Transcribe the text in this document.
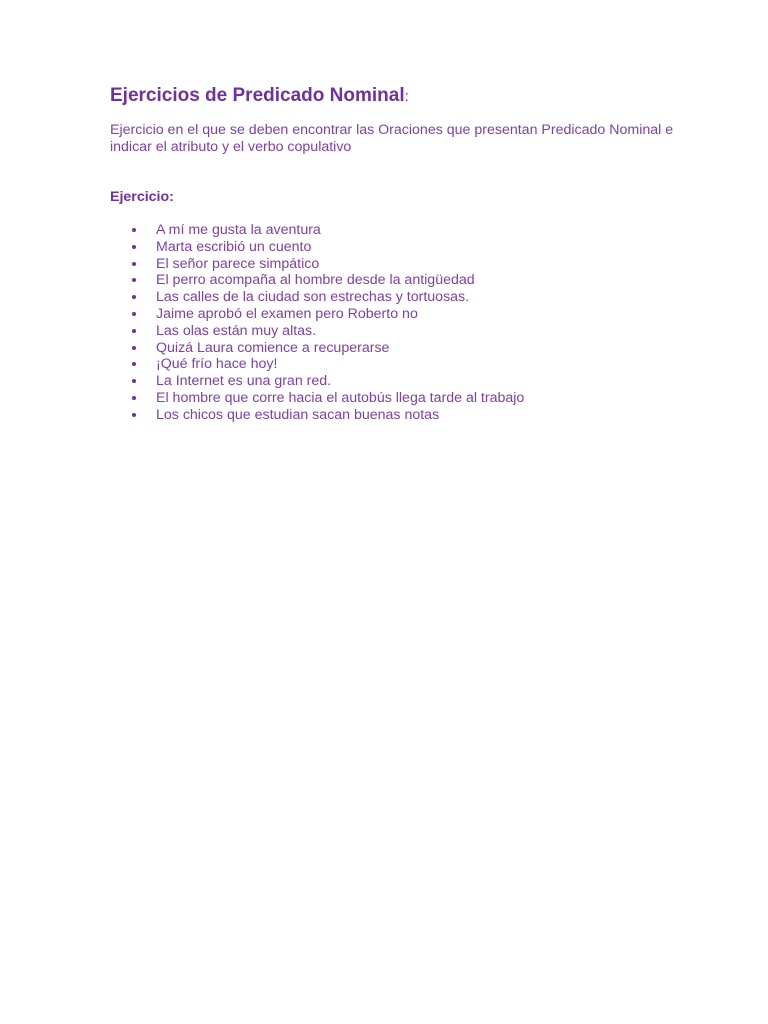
Ejercicios de Predicado Nominal:

Ejercicio en el que se deben encontrar las Oraciones que presentan Predicado Nominal e indicar el atributo y el verbo copulativo

Ejercicio:

A mí me gusta la aventura
Marta escribió un cuento
El señor parece simpático
El perro acompaña al hombre desde la antigüedad
Las calles de la ciudad son estrechas y tortuosas.
Jaime aprobó el examen pero Roberto no
Las olas están muy altas.
Quizá Laura comience a recuperarse
¡Qué frío hace hoy!
La Internet es una gran red.
El hombre que corre hacia el autobús llega tarde al trabajo
Los chicos que estudian sacan buenas notas
